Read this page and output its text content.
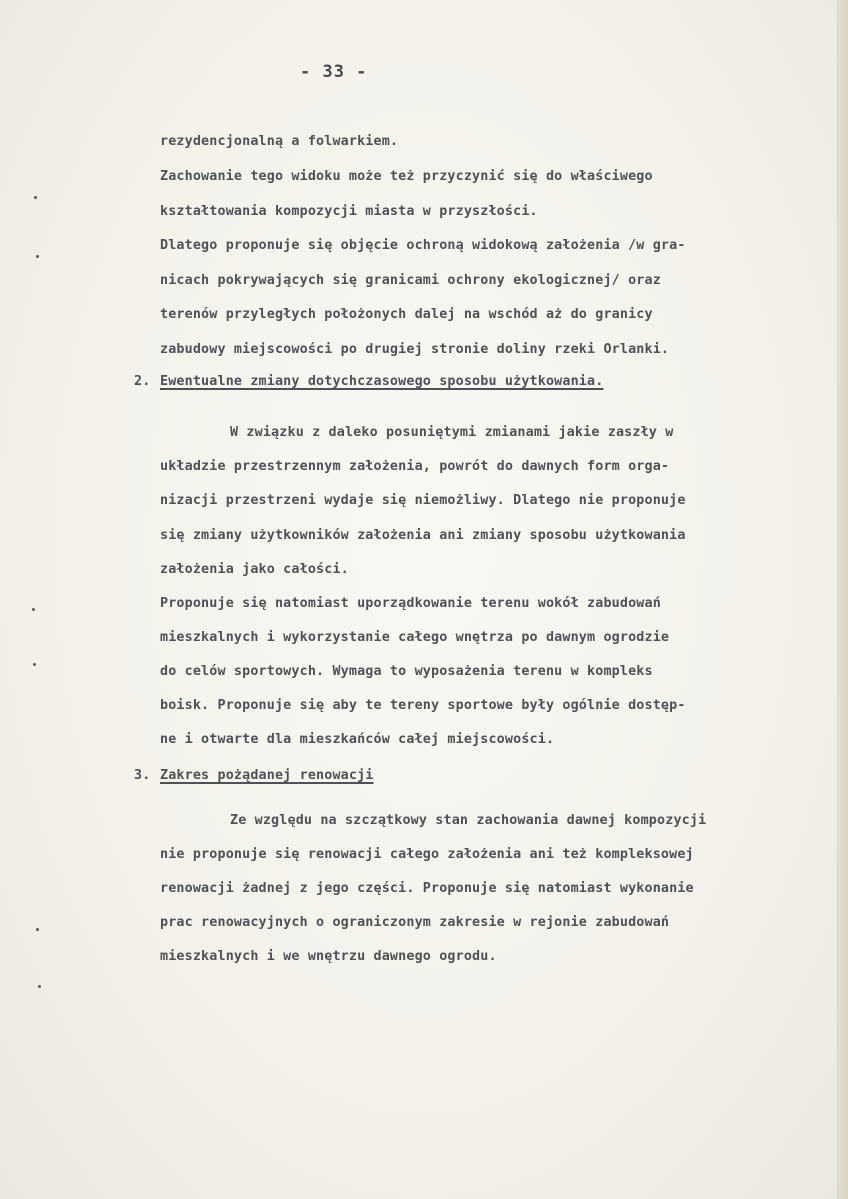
- 33 -
rezydencjonalną a folwarkiem.
Zachowanie tego widoku może też przyczynić się do właściwego
kształtowania kompozycji miasta w przyszłości.
Dlatego proponuje się objęcie ochroną widokową założenia /w gra-
nicach pokrywających się granicami ochrony ekologicznej/ oraz
terenów przyległych położonych dalej na wschód aż do granicy
zabudowy miejscowości po drugiej stronie doliny rzeki Orlanki.
2. Ewentualne zmiany dotychczasowego sposobu użytkowania.
W związku z daleko posuniętymi zmianami jakie zaszły w
układzie przestrzennym założenia, powrót do dawnych form orga-
nizacji przestrzeni wydaje się niemożliwy. Dlatego nie proponuje
się zmiany użytkowników założenia ani zmiany sposobu użytkowania
założenia jako całości.
Proponuje się natomiast uporządkowanie terenu wokół zabudowań
mieszkalnych i wykorzystanie całego wnętrza po dawnym ogrodzie
do celów sportowych. Wymaga to wyposażenia terenu w kompleks
boisk. Proponuje się aby te tereny sportowe były ogólnie dostęp-
ne i otwarte dla mieszkańców całej miejscowości.
3. Zakres pożądanej renowacji
Ze względu na szczątkowy stan zachowania dawnej kompozycji
nie proponuje się renowacji całego założenia ani też kompleksowej
renowacji żadnej z jego części. Proponuje się natomiast wykonanie
prac renowacyjnych o ograniczonym zakresie w rejonie zabudowań
mieszkalnych i we wnętrzu dawnego ogrodu.
